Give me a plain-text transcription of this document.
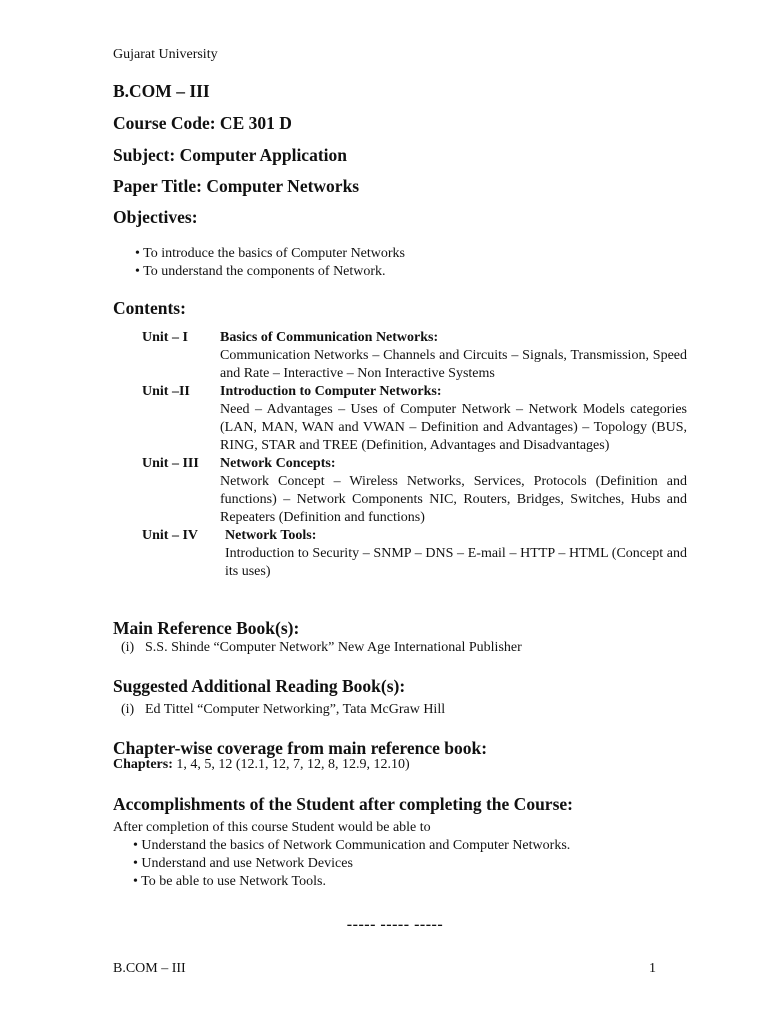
Gujarat University
B.COM – III
Course Code: CE 301 D
Subject: Computer Application
Paper Title: Computer Networks
Objectives:
• To introduce the basics of Computer Networks
• To understand the components of Network.
Contents:
Unit – I	Basics of Communication Networks:
Communication Networks – Channels and Circuits – Signals, Transmission, Speed and Rate – Interactive – Non Interactive Systems
Unit –II	Introduction to Computer Networks:
Need – Advantages – Uses of Computer Network – Network Models categories (LAN, MAN, WAN and VWAN – Definition and Advantages) – Topology (BUS, RING, STAR and TREE (Definition, Advantages and Disadvantages)
Unit – III	Network Concepts:
Network Concept – Wireless Networks, Services, Protocols (Definition and functions) – Network Components NIC, Routers, Bridges, Switches, Hubs and Repeaters (Definition and functions)
Unit – IV	Network Tools:
Introduction to Security – SNMP – DNS – E-mail – HTTP – HTML (Concept and its uses)
Main Reference Book(s):
(i) S.S. Shinde “Computer Network” New Age International Publisher
Suggested Additional Reading Book(s):
(i) Ed Tittel “Computer Networking”, Tata McGraw Hill
Chapter-wise coverage from main reference book:
Chapters: 1, 4, 5, 12 (12.1, 12, 7, 12, 8, 12.9, 12.10)
Accomplishments of the Student after completing the Course:
After completion of this course Student would be able to
• Understand the basics of Network Communication and Computer Networks.
• Understand and use Network Devices
• To be able to use Network Tools.
----- ----- -----
B.COM – III	1
